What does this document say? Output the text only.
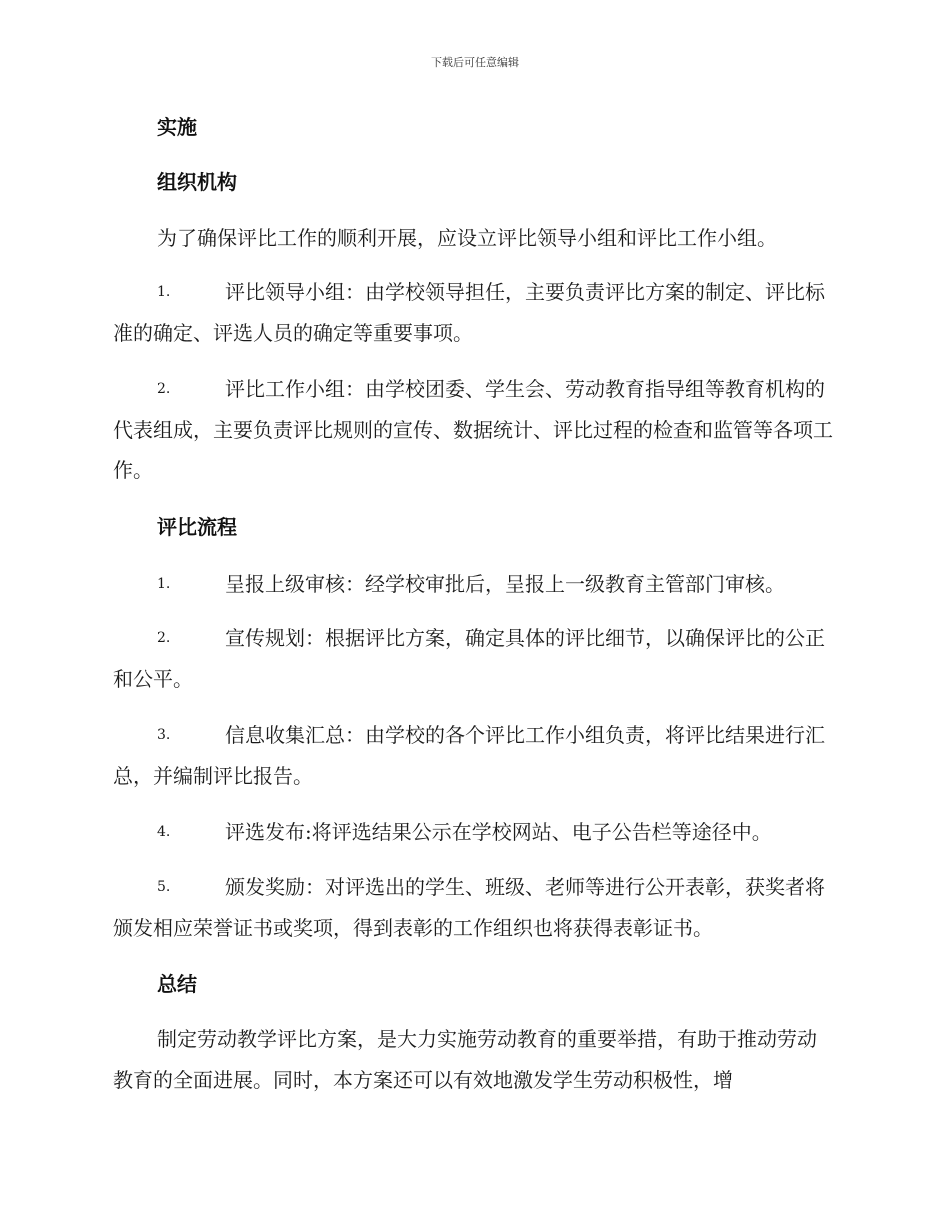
下载后可任意编辑
实施
组织机构
为了确保评比工作的顺利开展，应设立评比领导小组和评比工作小组。
1.	评比领导小组：由学校领导担任，主要负责评比方案的制定、评比标准的确定、评选人员的确定等重要事项。
2.	评比工作小组：由学校团委、学生会、劳动教育指导组等教育机构的代表组成，主要负责评比规则的宣传、数据统计、评比过程的检查和监管等各项工作。
评比流程
1.	呈报上级审核：经学校审批后，呈报上一级教育主管部门审核。
2.	宣传规划：根据评比方案，确定具体的评比细节，以确保评比的公正和公平。
3.	信息收集汇总：由学校的各个评比工作小组负责，将评比结果进行汇总，并编制评比报告。
4.	评选发布:将评选结果公示在学校网站、电子公告栏等途径中。
5.	颁发奖励：对评选出的学生、班级、老师等进行公开表彰，获奖者将颁发相应荣誉证书或奖项，得到表彰的工作组织也将获得表彰证书。
总结
制定劳动教学评比方案，是大力实施劳动教育的重要举措，有助于推动劳动教育的全面进展。同时，本方案还可以有效地激发学生劳动积极性，增
